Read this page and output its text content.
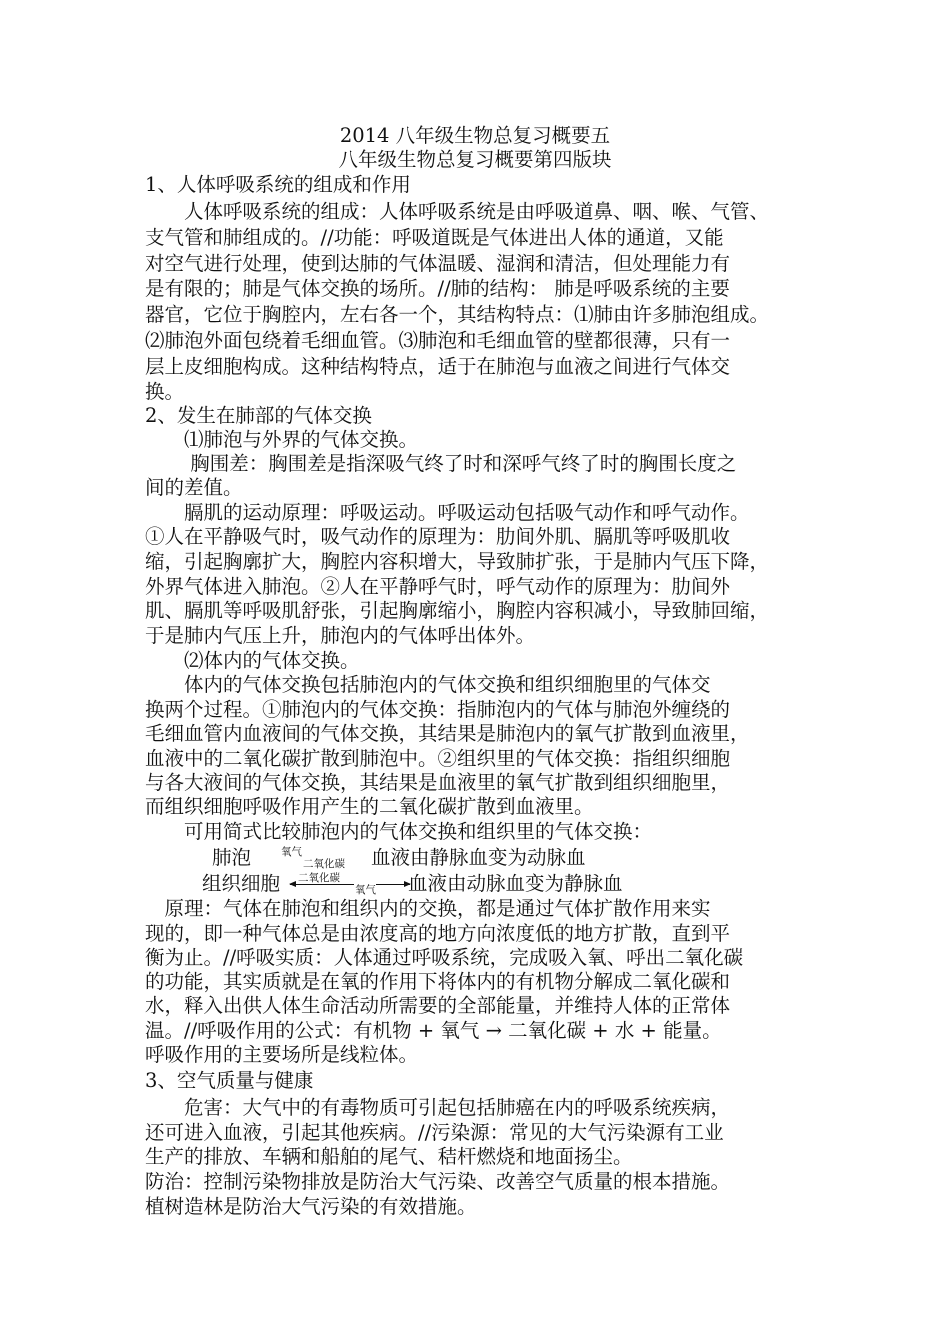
2014 八年级生物总复习概要五
八年级生物总复习概要第四版块
1、人体呼吸系统的组成和作用
　　人体呼吸系统的组成：人体呼吸系统是由呼吸道鼻、咽、喉、气管、
支气管和肺组成的。//功能：呼吸道既是气体进出人体的通道，又能
对空气进行处理，使到达肺的气体温暖、湿润和清洁，但处理能力有
是有限的；肺是气体交换的场所。//肺的结构： 肺是呼吸系统的主要
器官，它位于胸腔内，左右各一个，其结构特点：⑴肺由许多肺泡组成。
⑵肺泡外面包绕着毛细血管。⑶肺泡和毛细血管的壁都很薄，只有一
层上皮细胞构成。这种结构特点，适于在肺泡与血液之间进行气体交
换。
2、发生在肺部的气体交换
　　⑴肺泡与外界的气体交换。
　　 胸围差：胸围差是指深吸气终了时和深呼气终了时的胸围长度之
间的差值。
　　膈肌的运动原理：呼吸运动。呼吸运动包括吸气动作和呼气动作。
①人在平静吸气时，吸气动作的原理为：肋间外肌、膈肌等呼吸肌收
缩，引起胸廓扩大，胸腔内容积增大，导致肺扩张，于是肺内气压下降，
外界气体进入肺泡。②人在平静呼气时，呼气动作的原理为：肋间外
肌、膈肌等呼吸肌舒张，引起胸廓缩小，胸腔内容积减小，导致肺回缩，
于是肺内气压上升，肺泡内的气体呼出体外。
　　⑵体内的气体交换。
　　体内的气体交换包括肺泡内的气体交换和组织细胞里的气体交
换两个过程。①肺泡内的气体交换：指肺泡内的气体与肺泡外缠绕的
毛细血管内血液间的气体交换，其结果是肺泡内的氧气扩散到血液里，
血液中的二氧化碳扩散到肺泡中。②组织里的气体交换：指组织细胞
与各大液间的气体交换，其结果是血液里的氧气扩散到组织细胞里，
而组织细胞呼吸作用产生的二氧化碳扩散到血液里。
　　可用简式比较肺泡内的气体交换和组织里的气体交换：
肺泡	氧气
二氧化碳 血液由静脉血变为动脉血
组织细胞	二氧化碳
氧气 血液由动脉血变为静脉血
　原理：气体在肺泡和组织内的交换，都是通过气体扩散作用来实
现的，即一种气体总是由浓度高的地方向浓度低的地方扩散，直到平
衡为止。//呼吸实质：人体通过呼吸系统，完成吸入氧、呼出二氧化碳
的功能，其实质就是在氧的作用下将体内的有机物分解成二氧化碳和
水，释入出供人体生命活动所需要的全部能量，并维持人体的正常体
温。//呼吸作用的公式：有机物 + 氧气 → 二氧化碳 + 水 + 能量。
呼吸作用的主要场所是线粒体。
3、空气质量与健康
　　危害：大气中的有毒物质可引起包括肺癌在内的呼吸系统疾病，
还可进入血液，引起其他疾病。//污染源：常见的大气污染源有工业
生产的排放、车辆和船舶的尾气、秸杆燃烧和地面扬尘。
防治：控制污染物排放是防治大气污染、改善空气质量的根本措施。
植树造林是防治大气污染的有效措施。
